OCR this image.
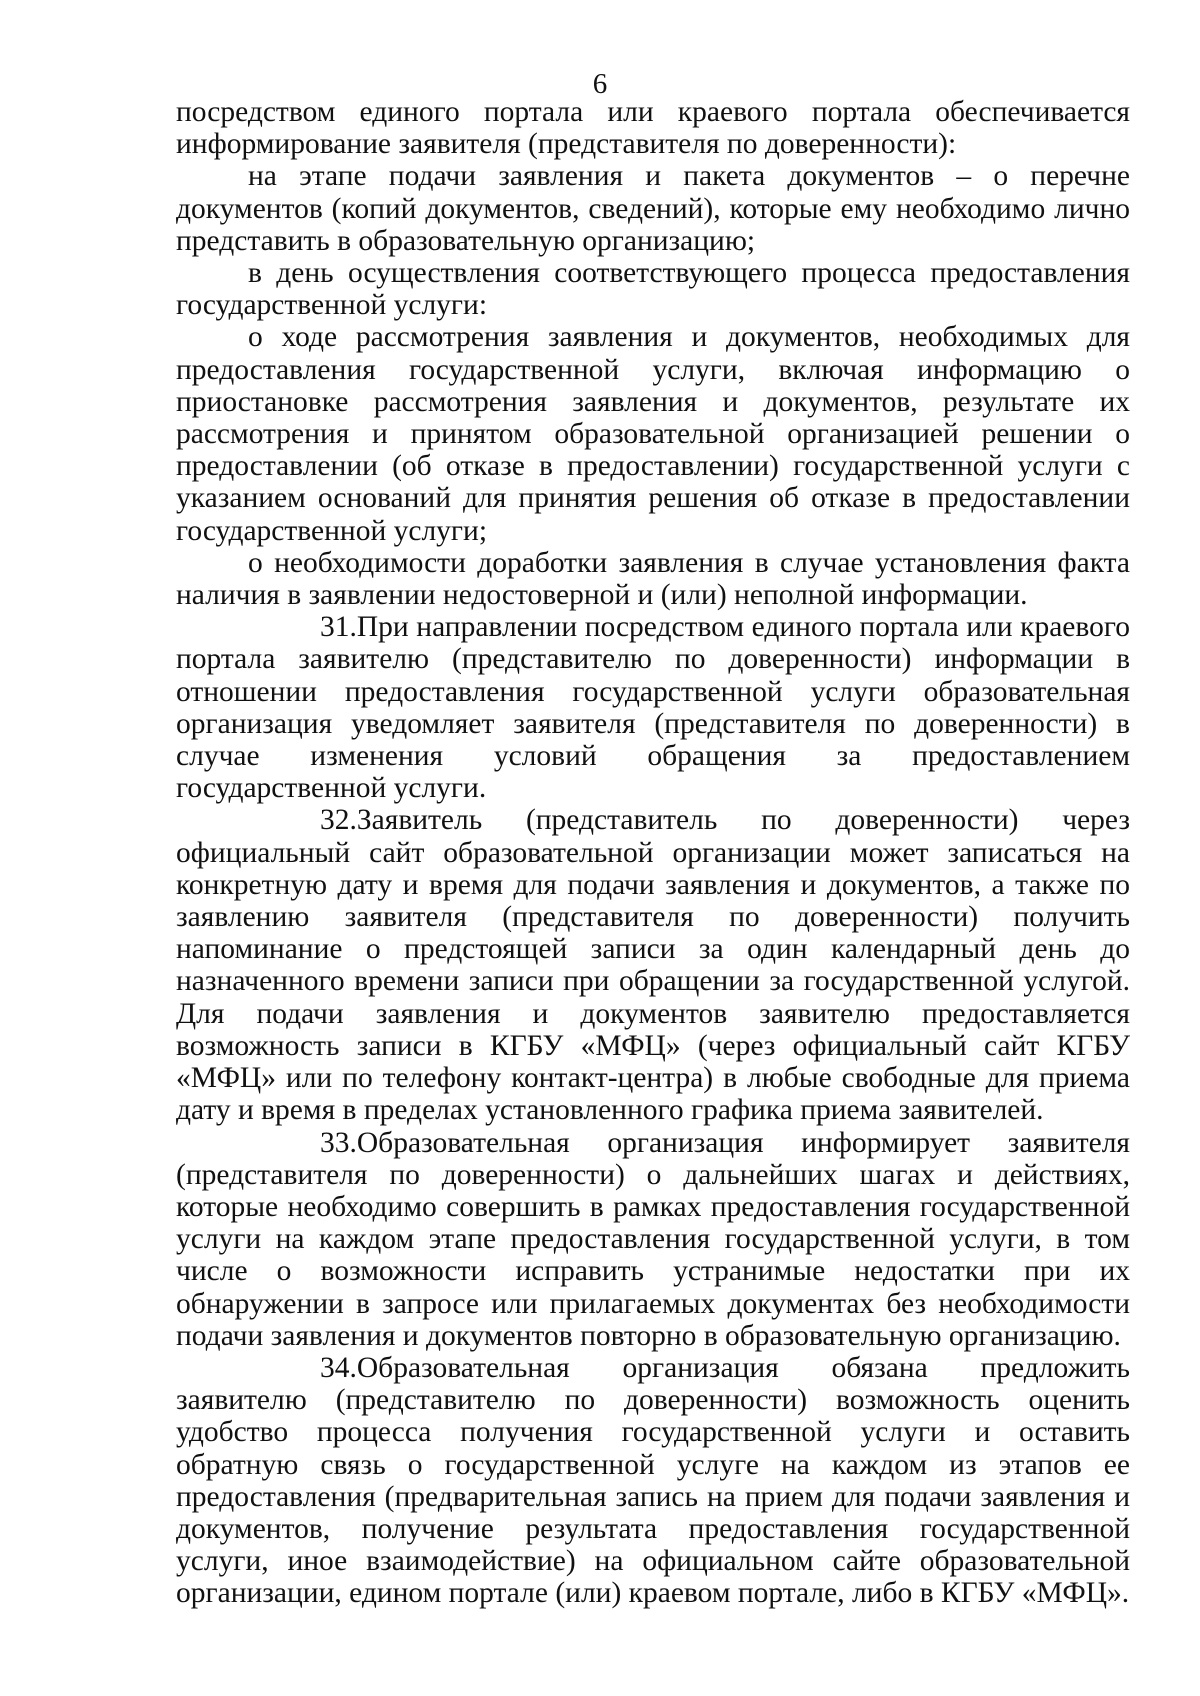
6

посредством единого портала или краевого портала обеспечивается информирование заявителя (представителя по доверенности):

на этапе подачи заявления и пакета документов – о перечне документов (копий документов, сведений), которые ему необходимо лично представить в образовательную организацию;

в день осуществления соответствующего процесса предоставления государственной услуги:

о ходе рассмотрения заявления и документов, необходимых для предоставления государственной услуги, включая информацию о приостановке рассмотрения заявления и документов, результате их рассмотрения и принятом образовательной организацией решении о предоставлении (об отказе в предоставлении) государственной услуги с указанием оснований для принятия решения об отказе в предоставлении государственной услуги;

о необходимости доработки заявления в случае установления факта наличия в заявлении недостоверной и (или) неполной информации.

31.При направлении посредством единого портала или краевого портала заявителю (представителю по доверенности) информации в отношении предоставления государственной услуги образовательная организация уведомляет заявителя (представителя по доверенности) в случае изменения условий обращения за предоставлением государственной услуги.

32.Заявитель (представитель по доверенности) через официальный сайт образовательной организации может записаться на конкретную дату и время для подачи заявления и документов, а также по заявлению заявителя (представителя по доверенности) получить напоминание о предстоящей записи за один календарный день до назначенного времени записи при обращении за государственной услугой. Для подачи заявления и документов заявителю предоставляется возможность записи в КГБУ «МФЦ» (через официальный сайт КГБУ «МФЦ» или по телефону контакт-центра) в любые свободные для приема дату и время в пределах установленного графика приема заявителей.

33.Образовательная организация информирует заявителя (представителя по доверенности) о дальнейших шагах и действиях, которые необходимо совершить в рамках предоставления государственной услуги на каждом этапе предоставления государственной услуги, в том числе о возможности исправить устранимые недостатки при их обнаружении в запросе или прилагаемых документах без необходимости подачи заявления и документов повторно в образовательную организацию.

34.Образовательная организация обязана предложить заявителю (представителю по доверенности) возможность оценить удобство процесса получения государственной услуги и оставить обратную связь о государственной услуге на каждом из этапов ее предоставления (предварительная запись на прием для подачи заявления и документов, получение результата предоставления государственной услуги, иное взаимодействие) на официальном сайте образовательной организации, едином портале (или) краевом портале, либо в КГБУ «МФЦ».
